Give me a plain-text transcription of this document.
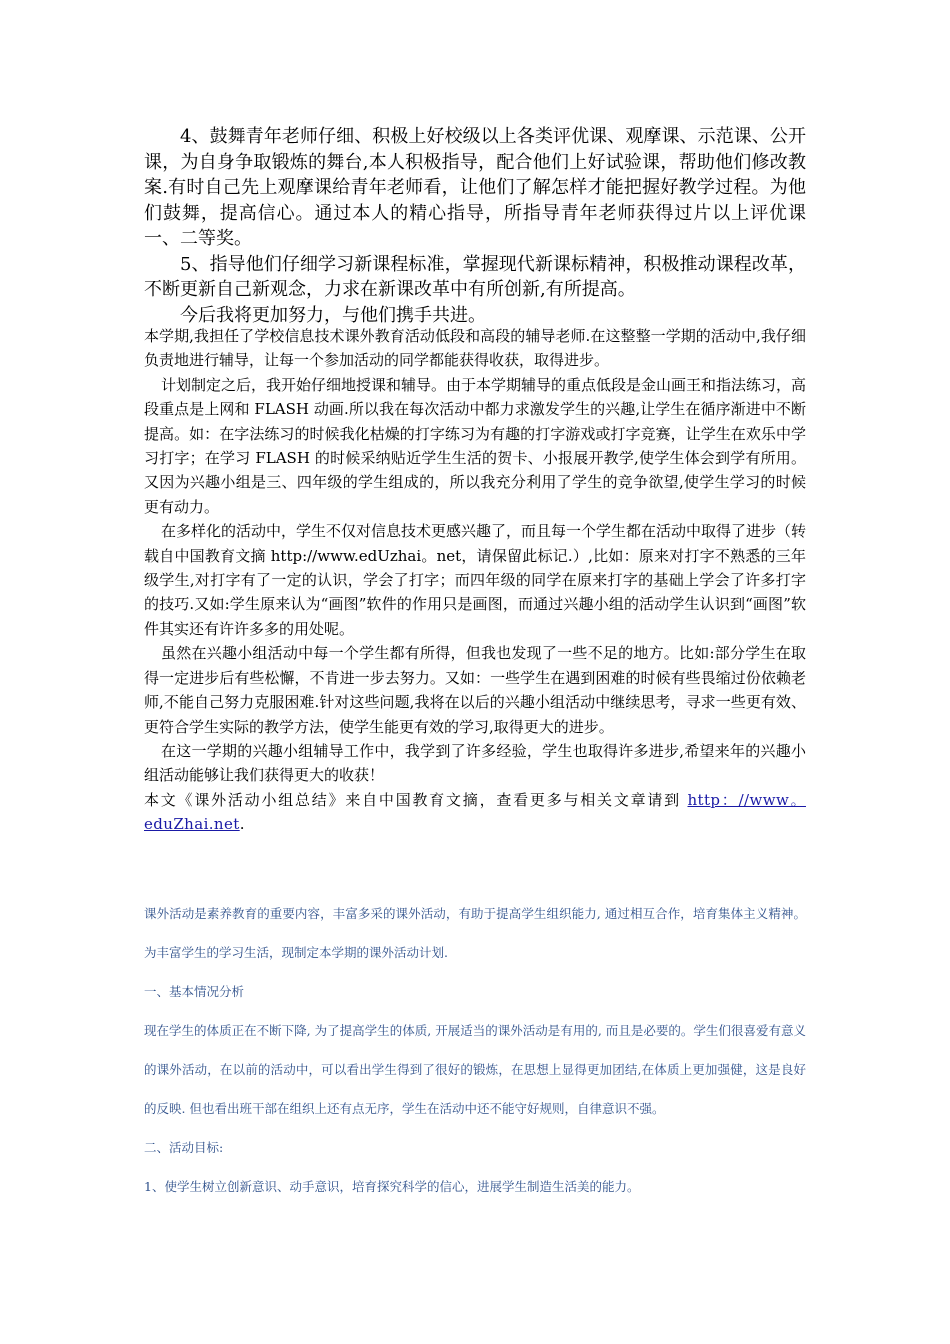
4、鼓舞青年老师仔细、积极上好校级以上各类评优课、观摩课、示范课、公开课，为自身争取锻炼的舞台,本人积极指导，配合他们上好试验课，帮助他们修改教案.有时自己先上观摩课给青年老师看，让他们了解怎样才能把握好教学过程。为他们鼓舞，提高信心。通过本人的精心指导，所指导青年老师获得过片以上评优课一、二等奖。

5、指导他们仔细学习新课程标准，掌握现代新课标精神，积极推动课程改革，不断更新自己新观念，力求在新课改革中有所创新,有所提高。

今后我将更加努力，与他们携手共进。

本学期,我担任了学校信息技术课外教育活动低段和高段的辅导老师.在这整整一学期的活动中,我仔细负责地进行辅导，让每一个参加活动的同学都能获得收获，取得进步。

计划制定之后，我开始仔细地授课和辅导。由于本学期辅导的重点低段是金山画王和指法练习，高段重点是上网和 FLASH 动画.所以我在每次活动中都力求激发学生的兴趣,让学生在循序渐进中不断提高。如：在字法练习的时候我化枯燥的打字练习为有趣的打字游戏或打字竞赛，让学生在欢乐中学习打字；在学习 FLASH 的时候采纳贴近学生生活的贺卡、小报展开教学,使学生体会到学有所用。又因为兴趣小组是三、四年级的学生组成的，所以我充分利用了学生的竞争欲望,使学生学习的时候更有动力。

在多样化的活动中，学生不仅对信息技术更感兴趣了，而且每一个学生都在活动中取得了进步（转载自中国教育文摘 http://www.edUzhai。net，请保留此标记.）,比如：原来对打字不熟悉的三年级学生,对打字有了一定的认识，学会了打字；而四年级的同学在原来打字的基础上学会了许多打字的技巧.又如:学生原来认为“画图”软件的作用只是画图，而通过兴趣小组的活动学生认识到“画图”软件其实还有许许多多的用处呢。

虽然在兴趣小组活动中每一个学生都有所得，但我也发现了一些不足的地方。比如:部分学生在取得一定进步后有些松懈，不肯进一步去努力。又如：一些学生在遇到困难的时候有些畏缩过份依赖老师,不能自己努力克服困难.针对这些问题,我将在以后的兴趣小组活动中继续思考，寻求一些更有效、更符合学生实际的教学方法，使学生能更有效的学习,取得更大的进步。

在这一学期的兴趣小组辅导工作中，我学到了许多经验，学生也取得许多进步,希望来年的兴趣小组活动能够让我们获得更大的收获！

本文《课外活动小组总结》来自中国教育文摘，查看更多与相关文章请到 http：//www。eduZhai.net.

课外活动是素养教育的重要内容，丰富多采的课外活动，有助于提高学生组织能力, 通过相互合作，培育集体主义精神。为丰富学生的学习生活，现制定本学期的课外活动计划.

一、基本情况分析

现在学生的体质正在不断下降, 为了提高学生的体质, 开展适当的课外活动是有用的, 而且是必要的。学生们很喜爱有意义的课外活动，在以前的活动中，可以看出学生得到了很好的锻炼，在思想上显得更加团结,在体质上更加强健，这是良好的反映. 但也看出班干部在组织上还有点无序，学生在活动中还不能守好规则，自律意识不强。

二、活动目标:

1、使学生树立创新意识、动手意识，培育探究科学的信心，进展学生制造生活美的能力。
